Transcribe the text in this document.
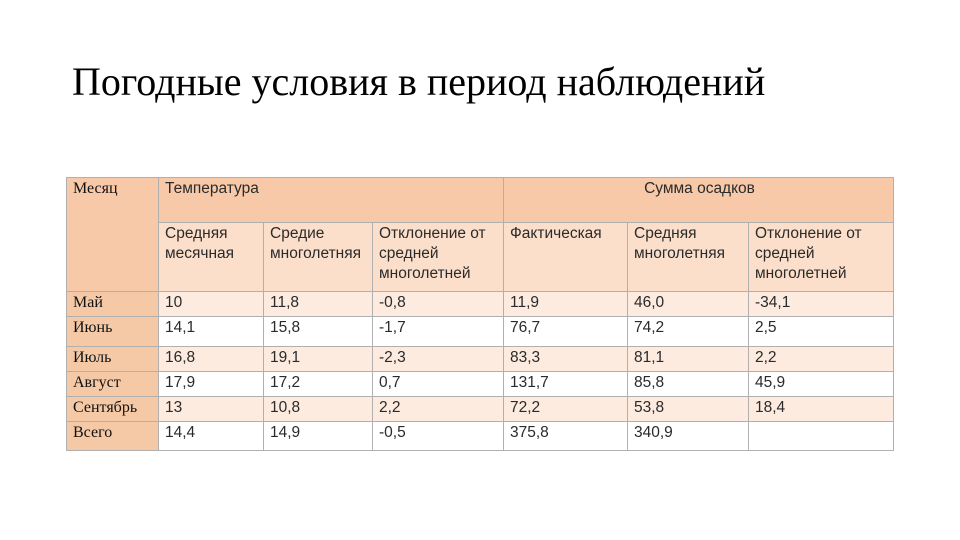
Погодные условия в период наблюдений
Месяц	Температура			Сумма осадков		
	Средняя месячная	Средие многолетняя	Отклонение от средней многолетней	Фактическая	Средняя многолетняя	Отклонение от средней многолетней
Май	10	11,8	-0,8	11,9	46,0	-34,1
Июнь	14,1	15,8	-1,7	76,7	74,2	2,5
Июль	16,8	19,1	-2,3	83,3	81,1	2,2
Август	17,9	17,2	0,7	131,7	85,8	45,9
Сентябрь	13	10,8	2,2	72,2	53,8	18,4
Всего	14,4	14,9	-0,5	375,8	340,9	
